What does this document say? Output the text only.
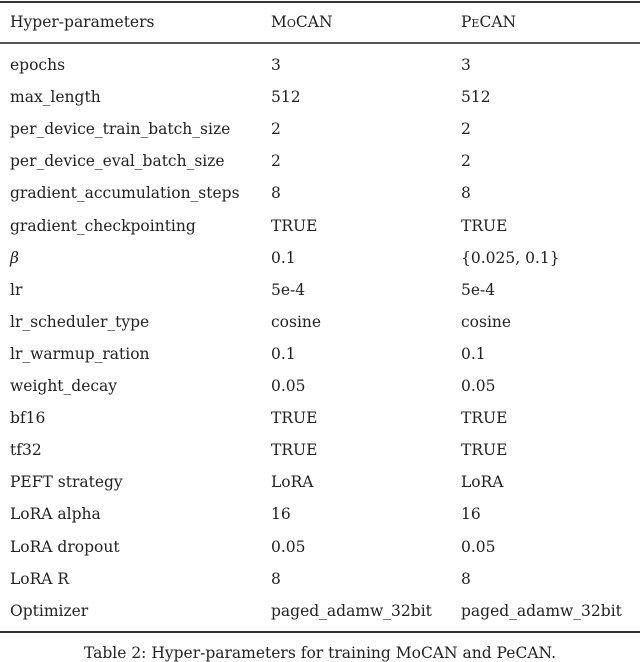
Hyper-parameters	MoCAN	PeCAN
epochs	3	3
max_length	512	512
per_device_train_batch_size	2	2
per_device_eval_batch_size	2	2
gradient_accumulation_steps 8	8
gradient_checkpointing	TRUE	TRUE
β	0.1	{0.025, 0.1}
lr	5e-4	5e-4
lr_scheduler_type	cosine	cosine
lr_warmup_ration	0.1	0.1
weight_decay	0.05	0.05
bf16	TRUE	TRUE
tf32	TRUE	TRUE
PEFT strategy	LoRA	LoRA
LoRA alpha	16	16
LoRA dropout	0.05	0.05
LoRA R	8	8
Optimizer	paged_adamw_32bit paged_adamw_32bit
Table 2: Hyper-parameters for training MoCAN and PeCAN.
